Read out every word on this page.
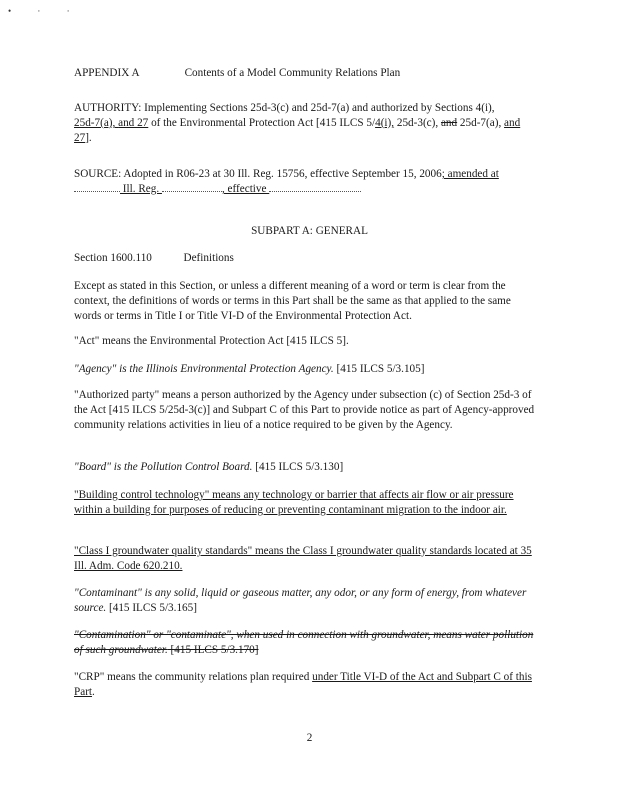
• · ·

APPENDIX A	Contents of a Model Community Relations Plan

AUTHORITY: Implementing Sections 25d-3(c) and 25d-7(a) and authorized by Sections 4(i),
25d-7(a), and 27 of the Environmental Protection Act [415 ILCS 5/4(i), 25d-3(c), and 25d-7(a), and
27].

SOURCE: Adopted in R06-23 at 30 Ill. Reg. 15756, effective September 15, 2006; amended at
Ill. Reg.	, effective

SUBPART A: GENERAL

Section 1600.110	Definitions

Except as stated in this Section, or unless a different meaning of a word or term is clear from the context, the definitions of words or terms in this Part shall be the same as that applied to the same words or terms in Title I or Title VI-D of the Environmental Protection Act.

"Act" means the Environmental Protection Act [415 ILCS 5].

"Agency" is the Illinois Environmental Protection Agency. [415 ILCS 5/3.105]

"Authorized party" means a person authorized by the Agency under subsection (c) of Section 25d-3 of the Act [415 ILCS 5/25d-3(c)] and Subpart C of this Part to provide notice as part of Agency-approved community relations activities in lieu of a notice required to be given by the Agency.

"Board" is the Pollution Control Board. [415 ILCS 5/3.130]

"Building control technology" means any technology or barrier that affects air flow or air pressure within a building for purposes of reducing or preventing contaminant migration to the indoor air.

"Class I groundwater quality standards" means the Class I groundwater quality standards located at 35 Ill. Adm. Code 620.210.

"Contaminant" is any solid, liquid or gaseous matter, any odor, or any form of energy, from whatever source. [415 ILCS 5/3.165]

"Contamination" or "contaminate", when used in connection with groundwater, means water pollution of such groundwater. [415 ILCS 5/3.170]

"CRP" means the community relations plan required under Title VI-D of the Act and Subpart C of this Part.

2
